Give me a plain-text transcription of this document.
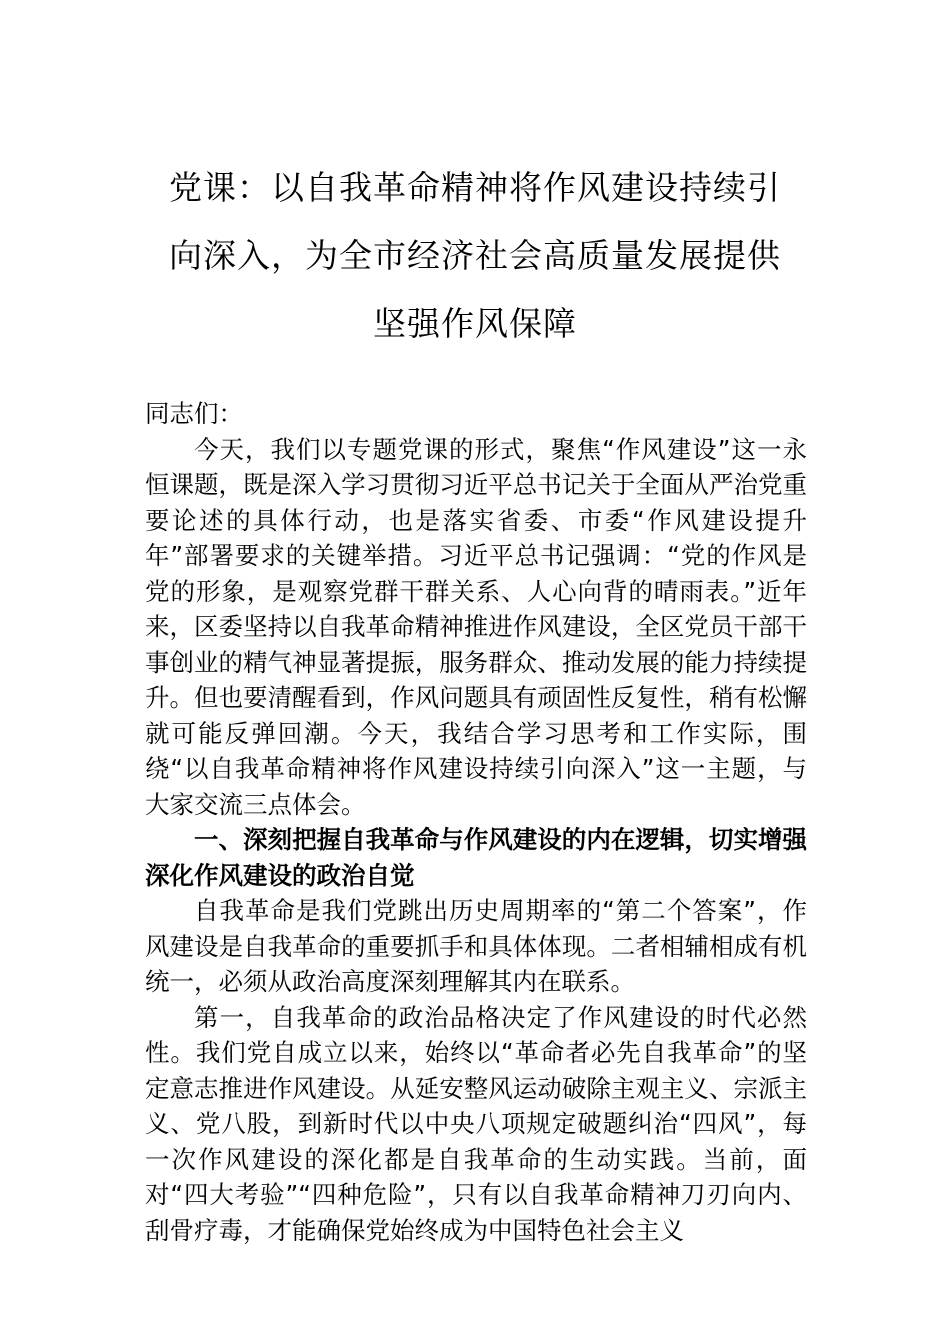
党课：以自我革命精神将作风建设持续引
向深入，为全市经济社会高质量发展提供
坚强作风保障

同志们：

今天，我们以专题党课的形式，聚焦“作风建设”这一永恒课题，既是深入学习贯彻习近平总书记关于全面从严治党重要论述的具体行动，也是落实省委、市委“作风建设提升年”部署要求的关键举措。习近平总书记强调：“党的作风是党的形象，是观察党群干群关系、人心向背的晴雨表。”近年来，区委坚持以自我革命精神推进作风建设，全区党员干部干事创业的精气神显著提振，服务群众、推动发展的能力持续提升。但也要清醒看到，作风问题具有顽固性反复性，稍有松懈就可能反弹回潮。今天，我结合学习思考和工作实际，围绕“以自我革命精神将作风建设持续引向深入”这一主题，与大家交流三点体会。

一、深刻把握自我革命与作风建设的内在逻辑，切实增强深化作风建设的政治自觉

自我革命是我们党跳出历史周期率的“第二个答案”，作风建设是自我革命的重要抓手和具体体现。二者相辅相成有机统一，必须从政治高度深刻理解其内在联系。

第一，自我革命的政治品格决定了作风建设的时代必然性。我们党自成立以来，始终以“革命者必先自我革命”的坚定意志推进作风建设。从延安整风运动破除主观主义、宗派主义、党八股，到新时代以中央八项规定破题纠治“四风”，每一次作风建设的深化都是自我革命的生动实践。当前，面对“四大考验”“四种危险”，只有以自我革命精神刀刃向内、刮骨疗毒，才能确保党始终成为中国特色社会主义
